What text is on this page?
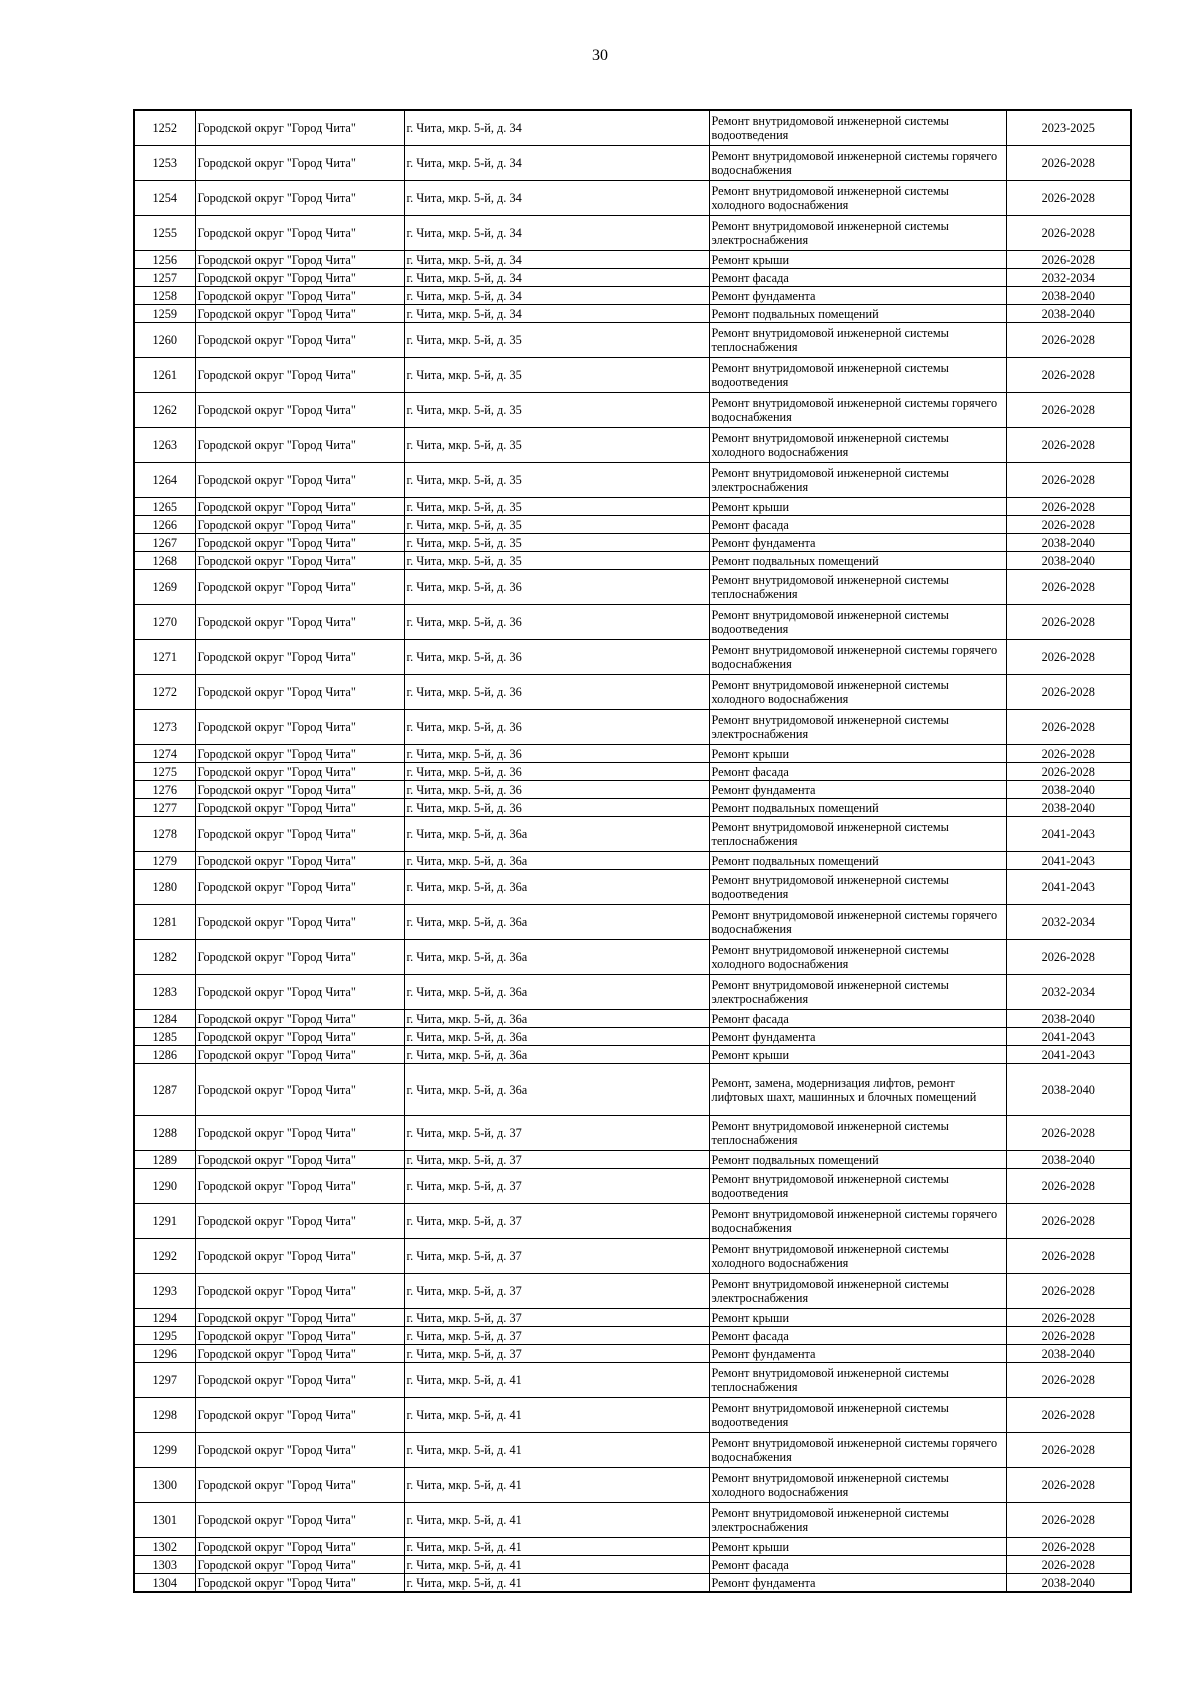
30
1252	Городской округ "Город Чита"	г. Чита, мкр. 5-й, д. 34	Ремонт внутридомовой инженерной системы водоотведения	2023-2025
1253	Городской округ "Город Чита"	г. Чита, мкр. 5-й, д. 34	Ремонт внутридомовой инженерной системы горячего водоснабжения	2026-2028
1254	Городской округ "Город Чита"	г. Чита, мкр. 5-й, д. 34	Ремонт внутридомовой инженерной системы холодного водоснабжения	2026-2028
1255	Городской округ "Город Чита"	г. Чита, мкр. 5-й, д. 34	Ремонт внутридомовой инженерной системы электроснабжения	2026-2028
1256	Городской округ "Город Чита"	г. Чита, мкр. 5-й, д. 34	Ремонт крыши	2026-2028
1257	Городской округ "Город Чита"	г. Чита, мкр. 5-й, д. 34	Ремонт фасада	2032-2034
1258	Городской округ "Город Чита"	г. Чита, мкр. 5-й, д. 34	Ремонт фундамента	2038-2040
1259	Городской округ "Город Чита"	г. Чита, мкр. 5-й, д. 34	Ремонт подвальных помещений	2038-2040
1260	Городской округ "Город Чита"	г. Чита, мкр. 5-й, д. 35	Ремонт внутридомовой инженерной системы теплоснабжения	2026-2028
1261	Городской округ "Город Чита"	г. Чита, мкр. 5-й, д. 35	Ремонт внутридомовой инженерной системы водоотведения	2026-2028
1262	Городской округ "Город Чита"	г. Чита, мкр. 5-й, д. 35	Ремонт внутридомовой инженерной системы горячего водоснабжения	2026-2028
1263	Городской округ "Город Чита"	г. Чита, мкр. 5-й, д. 35	Ремонт внутридомовой инженерной системы холодного водоснабжения	2026-2028
1264	Городской округ "Город Чита"	г. Чита, мкр. 5-й, д. 35	Ремонт внутридомовой инженерной системы электроснабжения	2026-2028
1265	Городской округ "Город Чита"	г. Чита, мкр. 5-й, д. 35	Ремонт крыши	2026-2028
1266	Городской округ "Город Чита"	г. Чита, мкр. 5-й, д. 35	Ремонт фасада	2026-2028
1267	Городской округ "Город Чита"	г. Чита, мкр. 5-й, д. 35	Ремонт фундамента	2038-2040
1268	Городской округ "Город Чита"	г. Чита, мкр. 5-й, д. 35	Ремонт подвальных помещений	2038-2040
1269	Городской округ "Город Чита"	г. Чита, мкр. 5-й, д. 36	Ремонт внутридомовой инженерной системы теплоснабжения	2026-2028
1270	Городской округ "Город Чита"	г. Чита, мкр. 5-й, д. 36	Ремонт внутридомовой инженерной системы водоотведения	2026-2028
1271	Городской округ "Город Чита"	г. Чита, мкр. 5-й, д. 36	Ремонт внутридомовой инженерной системы горячего водоснабжения	2026-2028
1272	Городской округ "Город Чита"	г. Чита, мкр. 5-й, д. 36	Ремонт внутридомовой инженерной системы холодного водоснабжения	2026-2028
1273	Городской округ "Город Чита"	г. Чита, мкр. 5-й, д. 36	Ремонт внутридомовой инженерной системы электроснабжения	2026-2028
1274	Городской округ "Город Чита"	г. Чита, мкр. 5-й, д. 36	Ремонт крыши	2026-2028
1275	Городской округ "Город Чита"	г. Чита, мкр. 5-й, д. 36	Ремонт фасада	2026-2028
1276	Городской округ "Город Чита"	г. Чита, мкр. 5-й, д. 36	Ремонт фундамента	2038-2040
1277	Городской округ "Город Чита"	г. Чита, мкр. 5-й, д. 36	Ремонт подвальных помещений	2038-2040
1278	Городской округ "Город Чита"	г. Чита, мкр. 5-й, д. 36а	Ремонт внутридомовой инженерной системы теплоснабжения	2041-2043
1279	Городской округ "Город Чита"	г. Чита, мкр. 5-й, д. 36а	Ремонт подвальных помещений	2041-2043
1280	Городской округ "Город Чита"	г. Чита, мкр. 5-й, д. 36а	Ремонт внутридомовой инженерной системы водоотведения	2041-2043
1281	Городской округ "Город Чита"	г. Чита, мкр. 5-й, д. 36а	Ремонт внутридомовой инженерной системы горячего водоснабжения	2032-2034
1282	Городской округ "Город Чита"	г. Чита, мкр. 5-й, д. 36а	Ремонт внутридомовой инженерной системы холодного водоснабжения	2026-2028
1283	Городской округ "Город Чита"	г. Чита, мкр. 5-й, д. 36а	Ремонт внутридомовой инженерной системы электроснабжения	2032-2034
1284	Городской округ "Город Чита"	г. Чита, мкр. 5-й, д. 36а	Ремонт фасада	2038-2040
1285	Городской округ "Город Чита"	г. Чита, мкр. 5-й, д. 36а	Ремонт фундамента	2041-2043
1286	Городской округ "Город Чита"	г. Чита, мкр. 5-й, д. 36а	Ремонт крыши	2041-2043
1287	Городской округ "Город Чита"	г. Чита, мкр. 5-й, д. 36а	Ремонт, замена, модернизация лифтов, ремонт лифтовых шахт, машинных и блочных помещений	2038-2040
1288	Городской округ "Город Чита"	г. Чита, мкр. 5-й, д. 37	Ремонт внутридомовой инженерной системы теплоснабжения	2026-2028
1289	Городской округ "Город Чита"	г. Чита, мкр. 5-й, д. 37	Ремонт подвальных помещений	2038-2040
1290	Городской округ "Город Чита"	г. Чита, мкр. 5-й, д. 37	Ремонт внутридомовой инженерной системы водоотведения	2026-2028
1291	Городской округ "Город Чита"	г. Чита, мкр. 5-й, д. 37	Ремонт внутридомовой инженерной системы горячего водоснабжения	2026-2028
1292	Городской округ "Город Чита"	г. Чита, мкр. 5-й, д. 37	Ремонт внутридомовой инженерной системы холодного водоснабжения	2026-2028
1293	Городской округ "Город Чита"	г. Чита, мкр. 5-й, д. 37	Ремонт внутридомовой инженерной системы электроснабжения	2026-2028
1294	Городской округ "Город Чита"	г. Чита, мкр. 5-й, д. 37	Ремонт крыши	2026-2028
1295	Городской округ "Город Чита"	г. Чита, мкр. 5-й, д. 37	Ремонт фасада	2026-2028
1296	Городской округ "Город Чита"	г. Чита, мкр. 5-й, д. 37	Ремонт фундамента	2038-2040
1297	Городской округ "Город Чита"	г. Чита, мкр. 5-й, д. 41	Ремонт внутридомовой инженерной системы теплоснабжения	2026-2028
1298	Городской округ "Город Чита"	г. Чита, мкр. 5-й, д. 41	Ремонт внутридомовой инженерной системы водоотведения	2026-2028
1299	Городской округ "Город Чита"	г. Чита, мкр. 5-й, д. 41	Ремонт внутридомовой инженерной системы горячего водоснабжения	2026-2028
1300	Городской округ "Город Чита"	г. Чита, мкр. 5-й, д. 41	Ремонт внутридомовой инженерной системы холодного водоснабжения	2026-2028
1301	Городской округ "Город Чита"	г. Чита, мкр. 5-й, д. 41	Ремонт внутридомовой инженерной системы электроснабжения	2026-2028
1302	Городской округ "Город Чита"	г. Чита, мкр. 5-й, д. 41	Ремонт крыши	2026-2028
1303	Городской округ "Город Чита"	г. Чита, мкр. 5-й, д. 41	Ремонт фасада	2026-2028
1304	Городской округ "Город Чита"	г. Чита, мкр. 5-й, д. 41	Ремонт фундамента	2038-2040
